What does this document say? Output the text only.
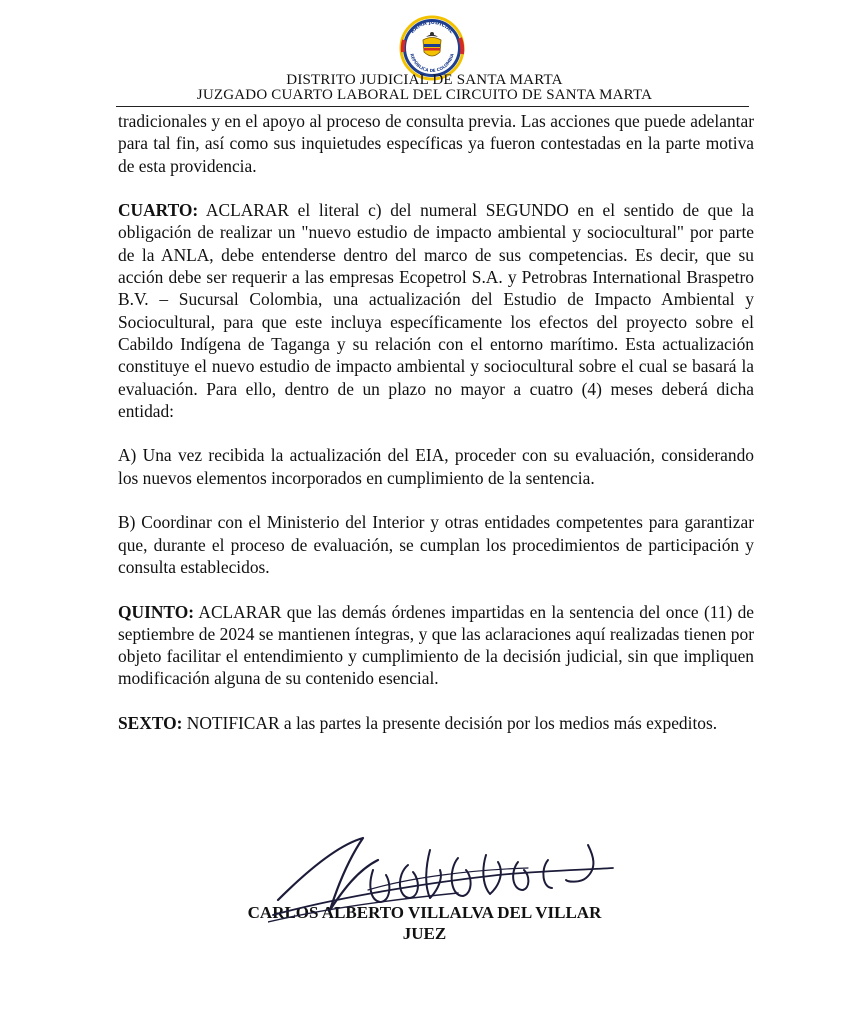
RAMA JUDICIAL
REPÚBLICA DE COLOMBIA
DISTRITO JUDICIAL DE SANTA MARTA
JUZGADO CUARTO LABORAL DEL CIRCUITO DE SANTA MARTA

tradicionales y en el apoyo al proceso de consulta previa. Las acciones que puede adelantar para tal fin, así como sus inquietudes específicas ya fueron contestadas en la parte motiva de esta providencia.

CUARTO: ACLARAR el literal c) del numeral SEGUNDO en el sentido de que la obligación de realizar un "nuevo estudio de impacto ambiental y sociocultural" por parte de la ANLA, debe entenderse dentro del marco de sus competencias. Es decir, que su acción debe ser requerir a las empresas Ecopetrol S.A. y Petrobras International Braspetro B.V. – Sucursal Colombia, una actualización del Estudio de Impacto Ambiental y Sociocultural, para que este incluya específicamente los efectos del proyecto sobre el Cabildo Indígena de Taganga y su relación con el entorno marítimo. Esta actualización constituye el nuevo estudio de impacto ambiental y sociocultural sobre el cual se basará la evaluación. Para ello, dentro de un plazo no mayor a cuatro (4) meses deberá dicha entidad:

A) Una vez recibida la actualización del EIA, proceder con su evaluación, considerando los nuevos elementos incorporados en cumplimiento de la sentencia.

B) Coordinar con el Ministerio del Interior y otras entidades competentes para garantizar que, durante el proceso de evaluación, se cumplan los procedimientos de participación y consulta establecidos.

QUINTO: ACLARAR que las demás órdenes impartidas en la sentencia del once (11) de septiembre de 2024 se mantienen íntegras, y que las aclaraciones aquí realizadas tienen por objeto facilitar el entendimiento y cumplimiento de la decisión judicial, sin que impliquen modificación alguna de su contenido esencial.

SEXTO: NOTIFICAR a las partes la presente decisión por los medios más expeditos.

CARLOS ALBERTO VILLALVA DEL VILLAR
JUEZ
